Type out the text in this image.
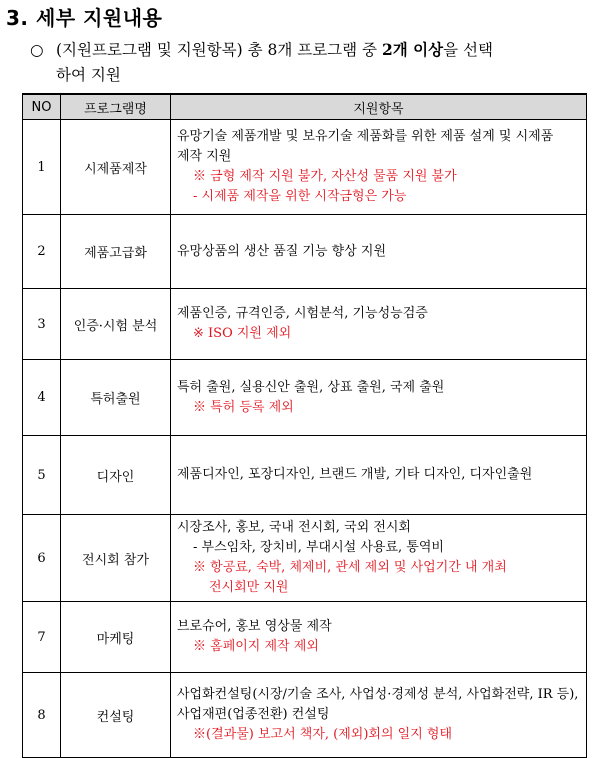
3. 세부 지원내용
○ (지원프로그램 및 지원항목) 총 8개 프로그램 중 2개 이상을 선택
하여 지원
NO	프로그램명	지원항목
1	시제품제작	유망기술 제품개발 및 보유기술 제품화를 위한 제품 설계 및 시제품
제작 지원
※ 금형 제작 지원 불가, 자산성 물품 지원 불가
- 시제품 제작을 위한 시작금형은 가능

2	제품고급화	유망상품의 생산 품질 기능 향상 지원

3	인증·시험 분석	제품인증, 규격인증, 시험분석, 기능성능검증
※ ISO 지원 제외

4	특허출원	특허 출원, 실용신안 출원, 상표 출원, 국제 출원
※ 특허 등록 제외

5	디자인	제품디자인, 포장디자인, 브랜드 개발, 기타 디자인, 디자인출원

6	전시회 참가	시장조사, 홍보, 국내 전시회, 국외 전시회
- 부스임차, 장치비, 부대시설 사용료, 통역비
※ 항공료, 숙박, 체제비, 관세 제외 및 사업기간 내 개최
전시회만 지원

7	마케팅	브로슈어, 홍보 영상물 제작
※ 홈페이지 제작 제외

8	컨설팅	사업화컨설팅(시장/기술 조사, 사업성·경제성 분석, 사업화전략, IR 등),
사업재편(업종전환) 컨설팅
※(결과물) 보고서 책자, (제외)회의 일지 형태
